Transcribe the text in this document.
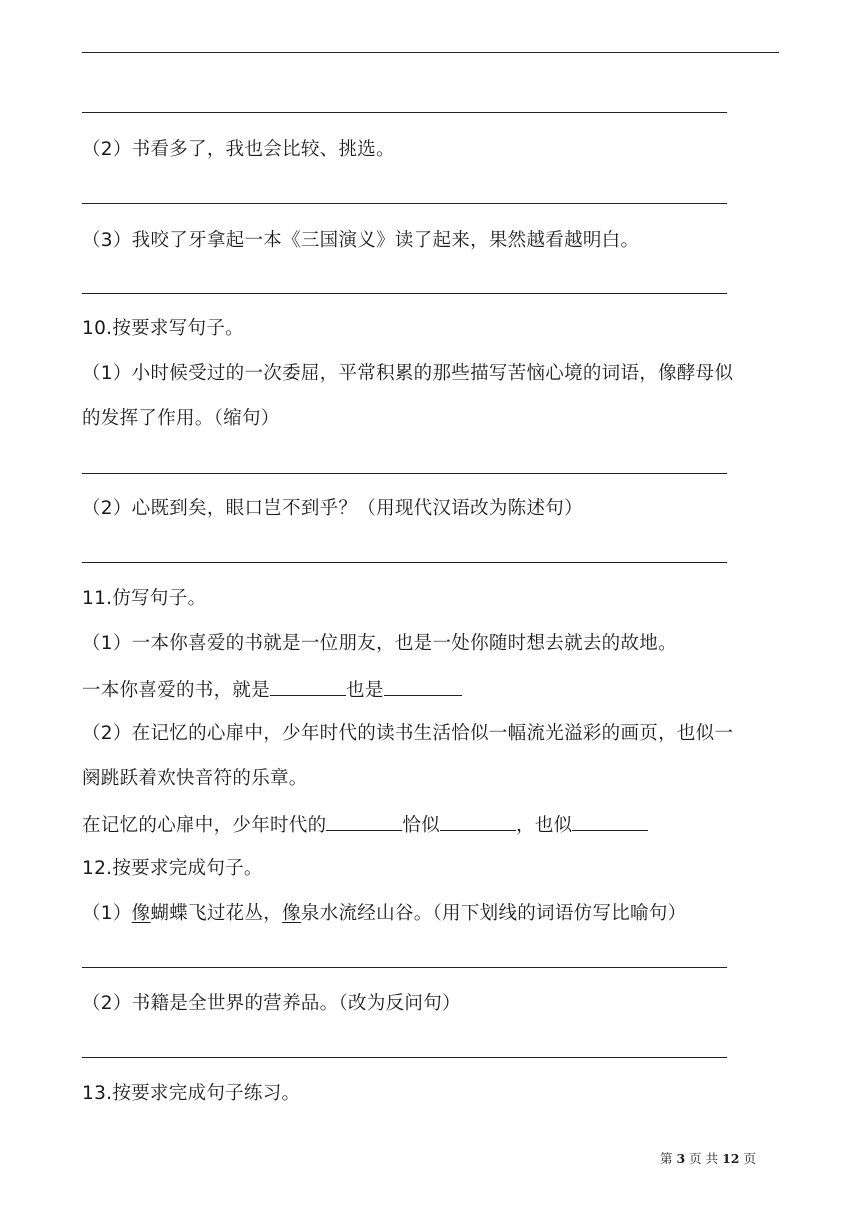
（2）书看多了，我也会比较、挑选。
（3）我咬了牙拿起一本《三国演义》读了起来，果然越看越明白。
10.按要求写句子。
（1）小时候受过的一次委屈，平常积累的那些描写苦恼心境的词语，像酵母似
的发挥了作用。（缩句）
（2）心既到矣，眼口岂不到乎？（用现代汉语改为陈述句）
11.仿写句子。
（1）一本你喜爱的书就是一位朋友，也是一处你随时想去就去的故地。
一本你喜爱的书，就是	也是
（2）在记忆的心扉中，少年时代的读书生活恰似一幅流光溢彩的画页，也似一
阕跳跃着欢快音符的乐章。
在记忆的心扉中，少年时代的	恰似	，也似
12.按要求完成句子。
（1）像蝴蝶飞过花丛，像泉水流经山谷。（用下划线的词语仿写比喻句）
（2）书籍是全世界的营养品。（改为反问句）
13.按要求完成句子练习。
第 3 页 共 12 页
